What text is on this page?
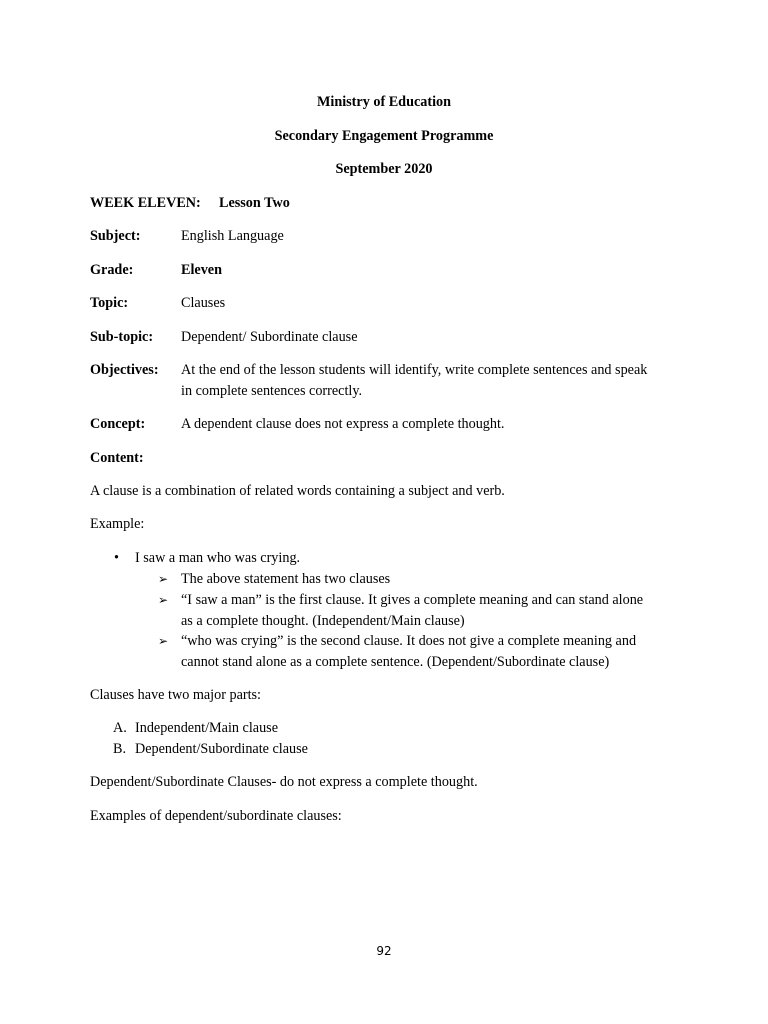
Ministry of Education
Secondary Engagement Programme
September 2020
WEEK ELEVEN: Lesson Two
Subject:	English Language
Grade:	Eleven
Topic:	Clauses
Sub-topic: Dependent/ Subordinate clause
Objectives: At the end of the lesson students will identify, write complete sentences and speak
in complete sentences correctly.
Concept:	A dependent clause does not express a complete thought.
Content:
A clause is a combination of related words containing a subject and verb.
Example:
• I saw a man who was crying.
➢ The above statement has two clauses
➢ “I saw a man” is the first clause. It gives a complete meaning and can stand alone
as a complete thought. (Independent/Main clause)
➢ “who was crying” is the second clause. It does not give a complete meaning and
cannot stand alone as a complete sentence. (Dependent/Subordinate clause)
Clauses have two major parts:
A. Independent/Main clause
B. Dependent/Subordinate clause
Dependent/Subordinate Clauses- do not express a complete thought.
Examples of dependent/subordinate clauses:
92
